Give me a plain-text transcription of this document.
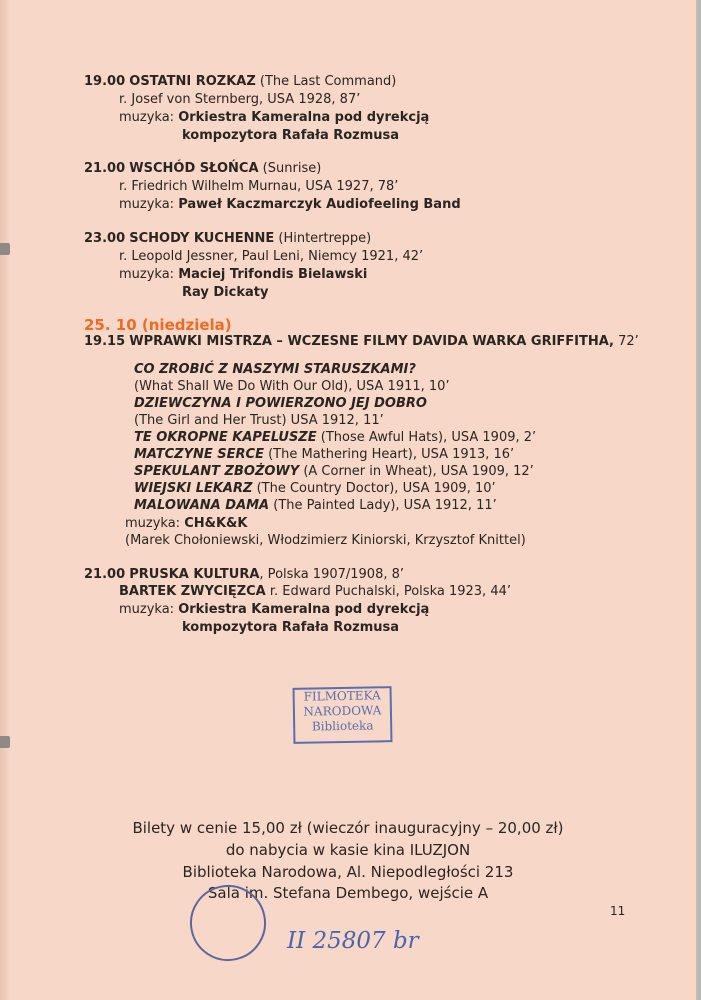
19.00 OSTATNI ROZKAZ (The Last Command)
r. Josef von Sternberg, USA 1928, 87’
muzyka: Orkiestra Kameralna pod dyrekcją
kompozytora Rafała Rozmusa
21.00 WSCHÓD SŁOŃCA (Sunrise)
r. Friedrich Wilhelm Murnau, USA 1927, 78’
muzyka: Paweł Kaczmarczyk Audiofeeling Band
23.00 SCHODY KUCHENNE (Hintertreppe)
r. Leopold Jessner, Paul Leni, Niemcy 1921, 42’
muzyka: Maciej Trifondis Bielawski
Ray Dickaty
25. 10 (niedziela)
19.15 WPRAWKI MISTRZA – WCZESNE FILMY DAVIDA WARKA GRIFFITHA, 72’
CO ZROBIĆ Z NASZYMI STARUSZKAMI?
(What Shall We Do With Our Old), USA 1911, 10’
DZIEWCZYNA I POWIERZONO JEJ DOBRO
(The Girl and Her Trust) USA 1912, 11’
TE OKROPNE KAPELUSZE (Those Awful Hats), USA 1909, 2’
MATCZYNE SERCE (The Mathering Heart), USA 1913, 16’
SPEKULANT ZBOŻOWY (A Corner in Wheat), USA 1909, 12’
WIEJSKI LEKARZ (The Country Doctor), USA 1909, 10’
MALOWANA DAMA (The Painted Lady), USA 1912, 11’
muzyka: CH&K&K
(Marek Chołoniewski, Włodzimierz Kiniorski, Krzysztof Knittel)
21.00 PRUSKA KULTURA, Polska 1907/1908, 8’
BARTEK ZWYCIĘZCA r. Edward Puchalski, Polska 1923, 44’
muzyka: Orkiestra Kameralna pod dyrekcją
kompozytora Rafała Rozmusa
FILMOTEKA
NARODOWA
Biblioteka
Bilety w cenie 15,00 zł (wieczór inauguracyjny – 20,00 zł)
do nabycia w kasie kina ILUZJON
Biblioteka Narodowa, Al. Niepodległości 213
Sala im. Stefana Dembego, wejście A
11
II 25807 br
